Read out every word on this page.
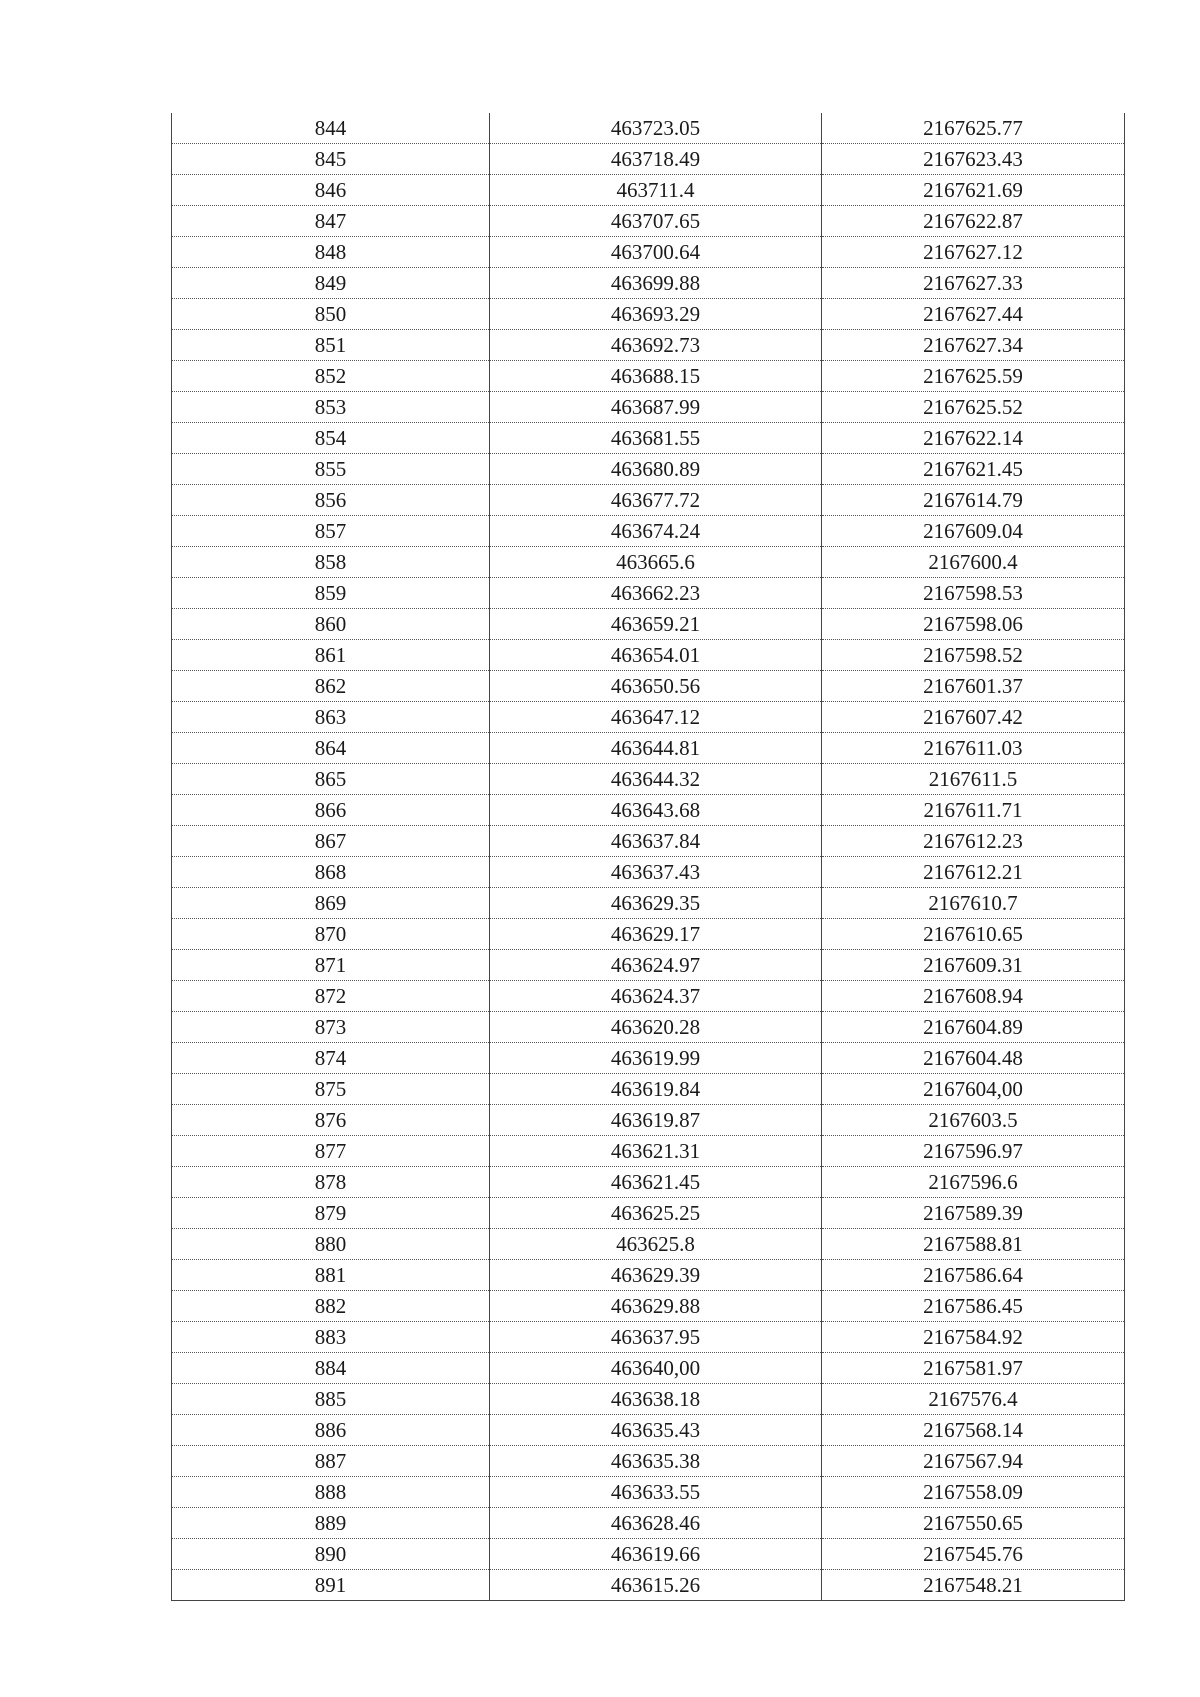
844	463723.05	2167625.77
845	463718.49	2167623.43
846	463711.4	2167621.69
847	463707.65	2167622.87
848	463700.64	2167627.12
849	463699.88	2167627.33
850	463693.29	2167627.44
851	463692.73	2167627.34
852	463688.15	2167625.59
853	463687.99	2167625.52
854	463681.55	2167622.14
855	463680.89	2167621.45
856	463677.72	2167614.79
857	463674.24	2167609.04
858	463665.6	2167600.4
859	463662.23	2167598.53
860	463659.21	2167598.06
861	463654.01	2167598.52
862	463650.56	2167601.37
863	463647.12	2167607.42
864	463644.81	2167611.03
865	463644.32	2167611.5
866	463643.68	2167611.71
867	463637.84	2167612.23
868	463637.43	2167612.21
869	463629.35	2167610.7
870	463629.17	2167610.65
871	463624.97	2167609.31
872	463624.37	2167608.94
873	463620.28	2167604.89
874	463619.99	2167604.48
875	463619.84	2167604,00
876	463619.87	2167603.5
877	463621.31	2167596.97
878	463621.45	2167596.6
879	463625.25	2167589.39
880	463625.8	2167588.81
881	463629.39	2167586.64
882	463629.88	2167586.45
883	463637.95	2167584.92
884	463640,00	2167581.97
885	463638.18	2167576.4
886	463635.43	2167568.14
887	463635.38	2167567.94
888	463633.55	2167558.09
889	463628.46	2167550.65
890	463619.66	2167545.76
891	463615.26	2167548.21
